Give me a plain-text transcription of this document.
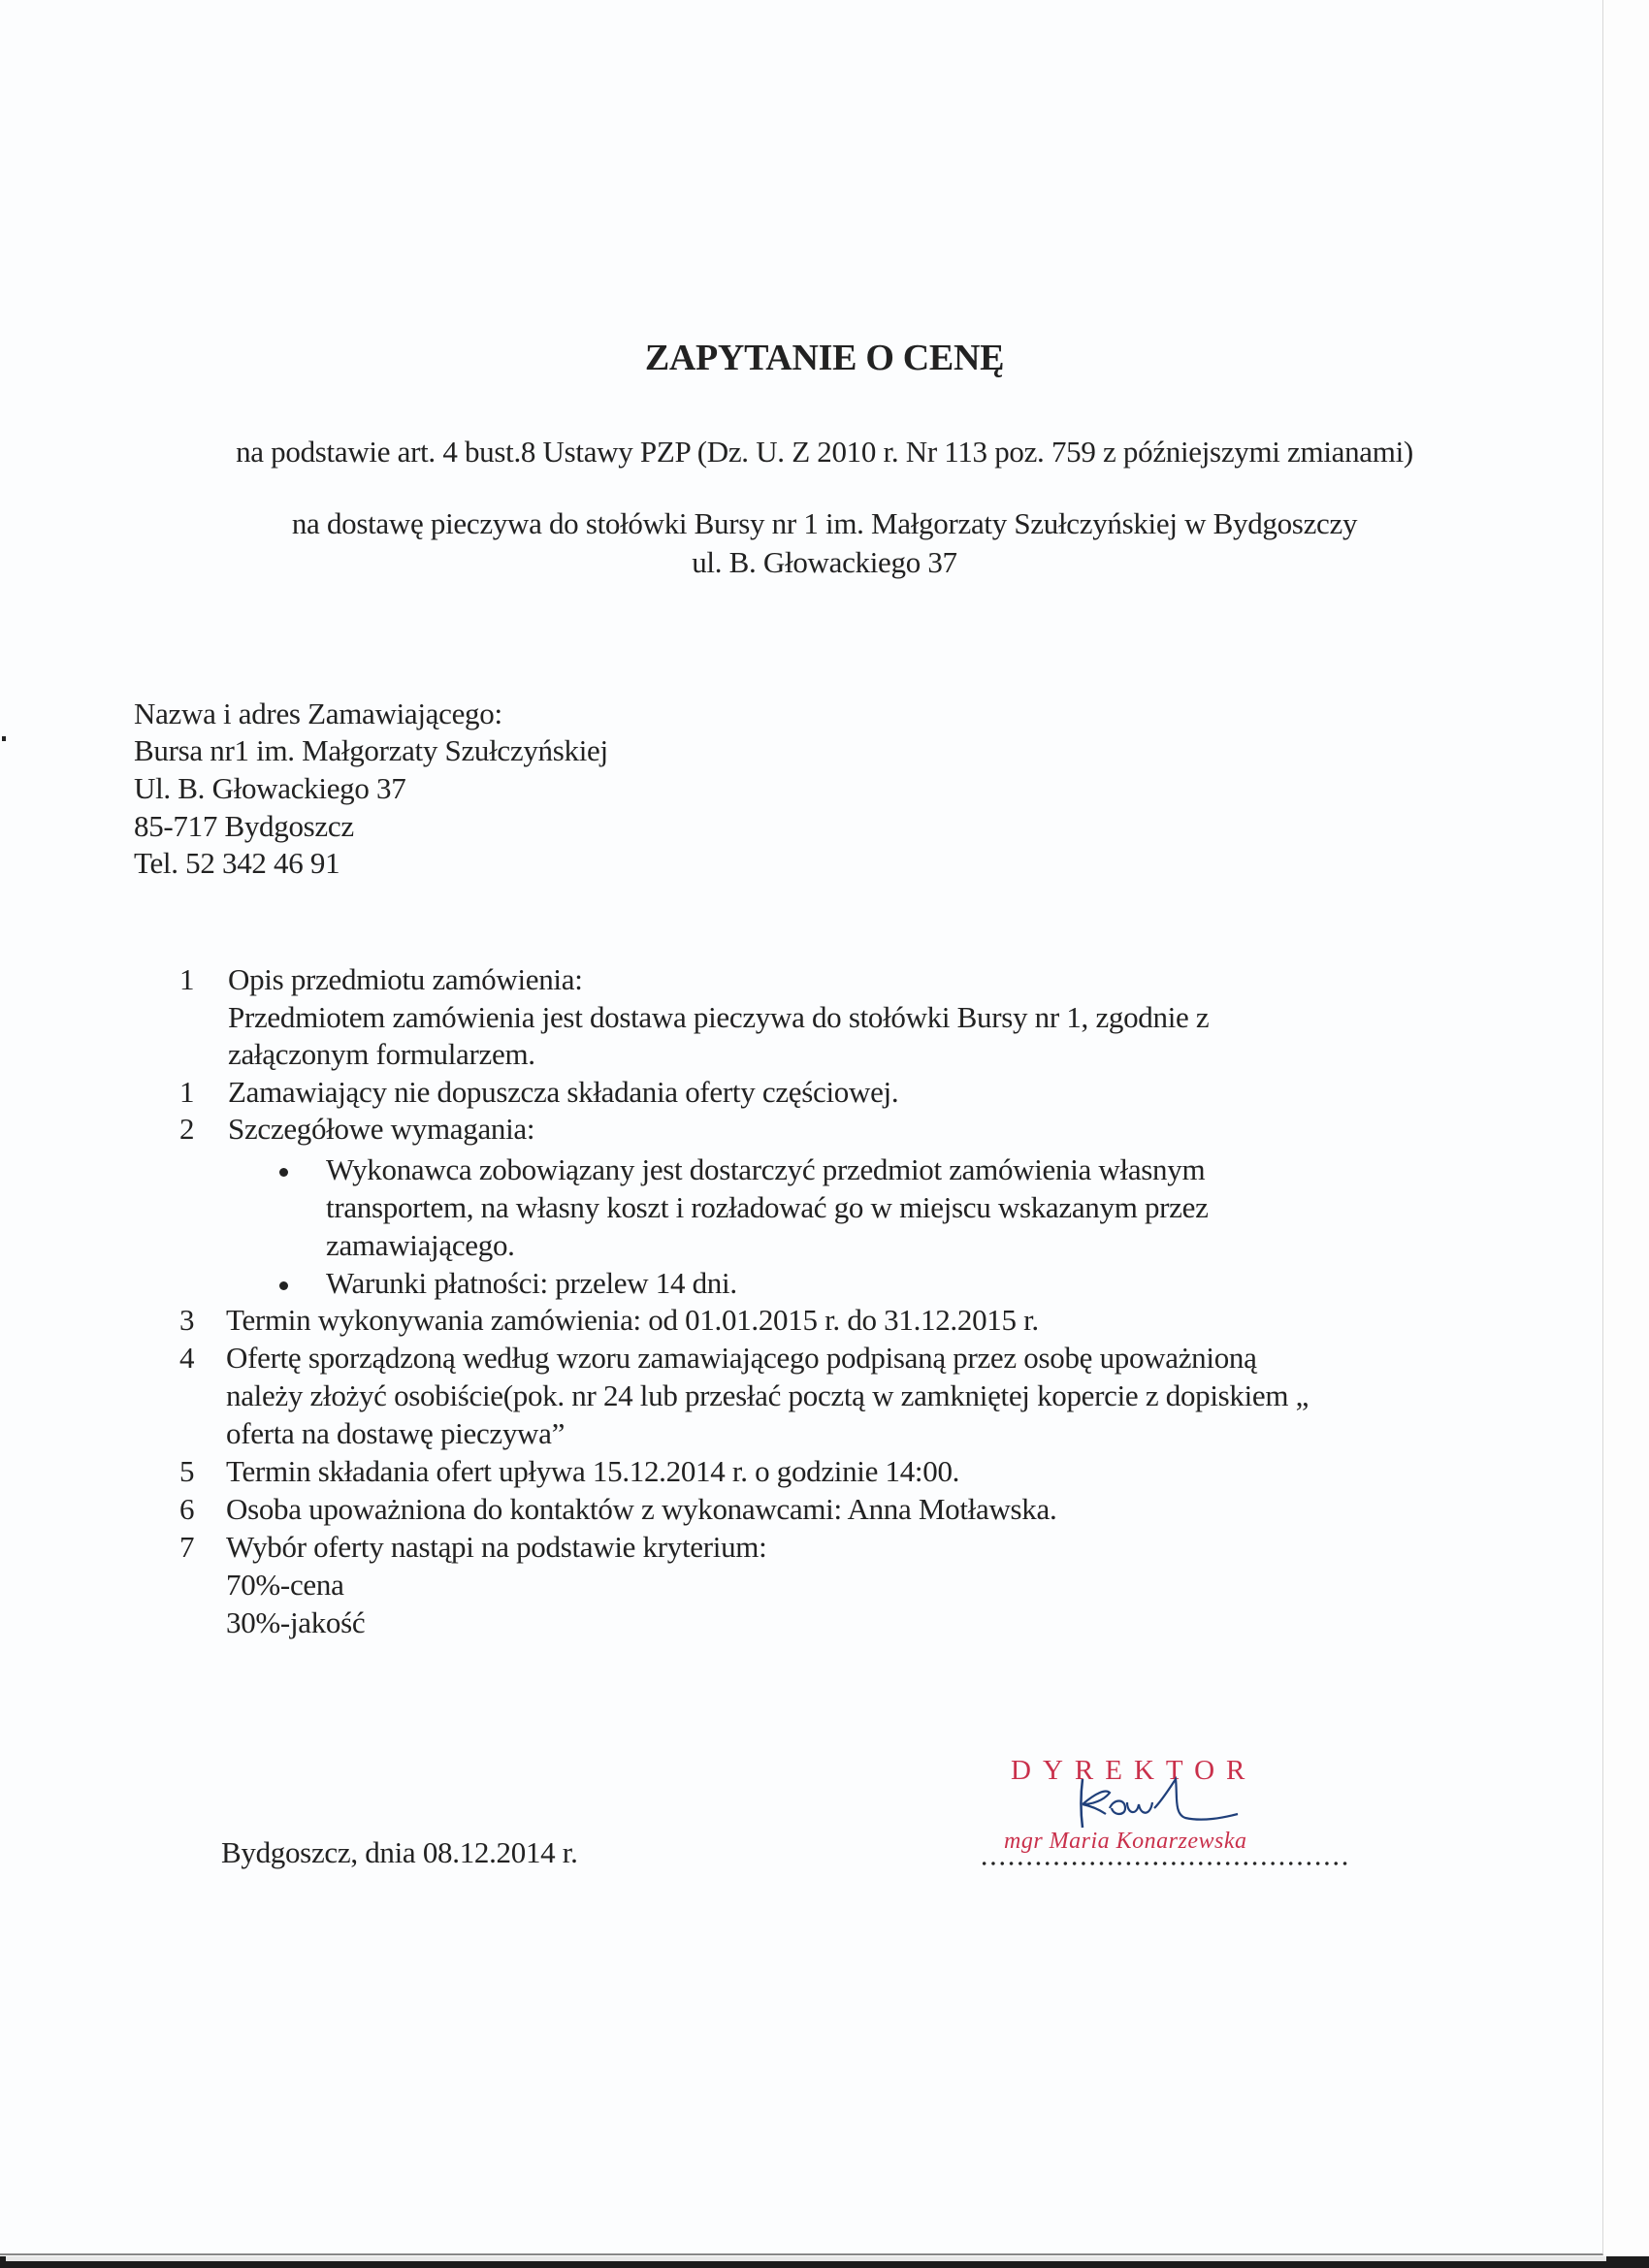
ZAPYTANIE O CENĘ
na podstawie art. 4 bust.8 Ustawy PZP (Dz. U. Z 2010 r. Nr 113 poz. 759 z późniejszymi zmianami)
na dostawę pieczywa do stołówki Bursy nr 1 im. Małgorzaty Szułczyńskiej w Bydgoszczy
ul. B. Głowackiego 37
Nazwa i adres Zamawiającego:
Bursa nr1 im. Małgorzaty Szułczyńskiej
Ul. B. Głowackiego 37
85-717 Bydgoszcz
Tel. 52 342 46 91
1	Opis przedmiotu zamówienia:
Przedmiotem zamówienia jest dostawa pieczywa do stołówki Bursy nr 1, zgodnie z
załączonym formularzem.
1	Zamawiający nie dopuszcza składania oferty częściowej.
2	Szczegółowe wymagania:
Wykonawca zobowiązany jest dostarczyć przedmiot zamówienia własnym
transportem, na własny koszt i rozładować go w miejscu wskazanym przez
zamawiającego.
Warunki płatności: przelew 14 dni.
3	Termin wykonywania zamówienia: od 01.01.2015 r. do 31.12.2015 r.
4	Ofertę sporządzoną według wzoru zamawiającego podpisaną przez osobę upoważnioną
należy złożyć osobiście(pok. nr 24 lub przesłać pocztą w zamkniętej kopercie z dopiskiem „
oferta na dostawę pieczywa”
5	Termin składania ofert upływa 15.12.2014 r. o godzinie 14:00.
6	Osoba upoważniona do kontaktów z wykonawcami: Anna Motławska.
7	Wybór oferty nastąpi na podstawie kryterium:
70%-cena
30%-jakość
Bydgoszcz, dnia 08.12.2014 r.
DYREKTOR
mgr Maria Konarzewska
